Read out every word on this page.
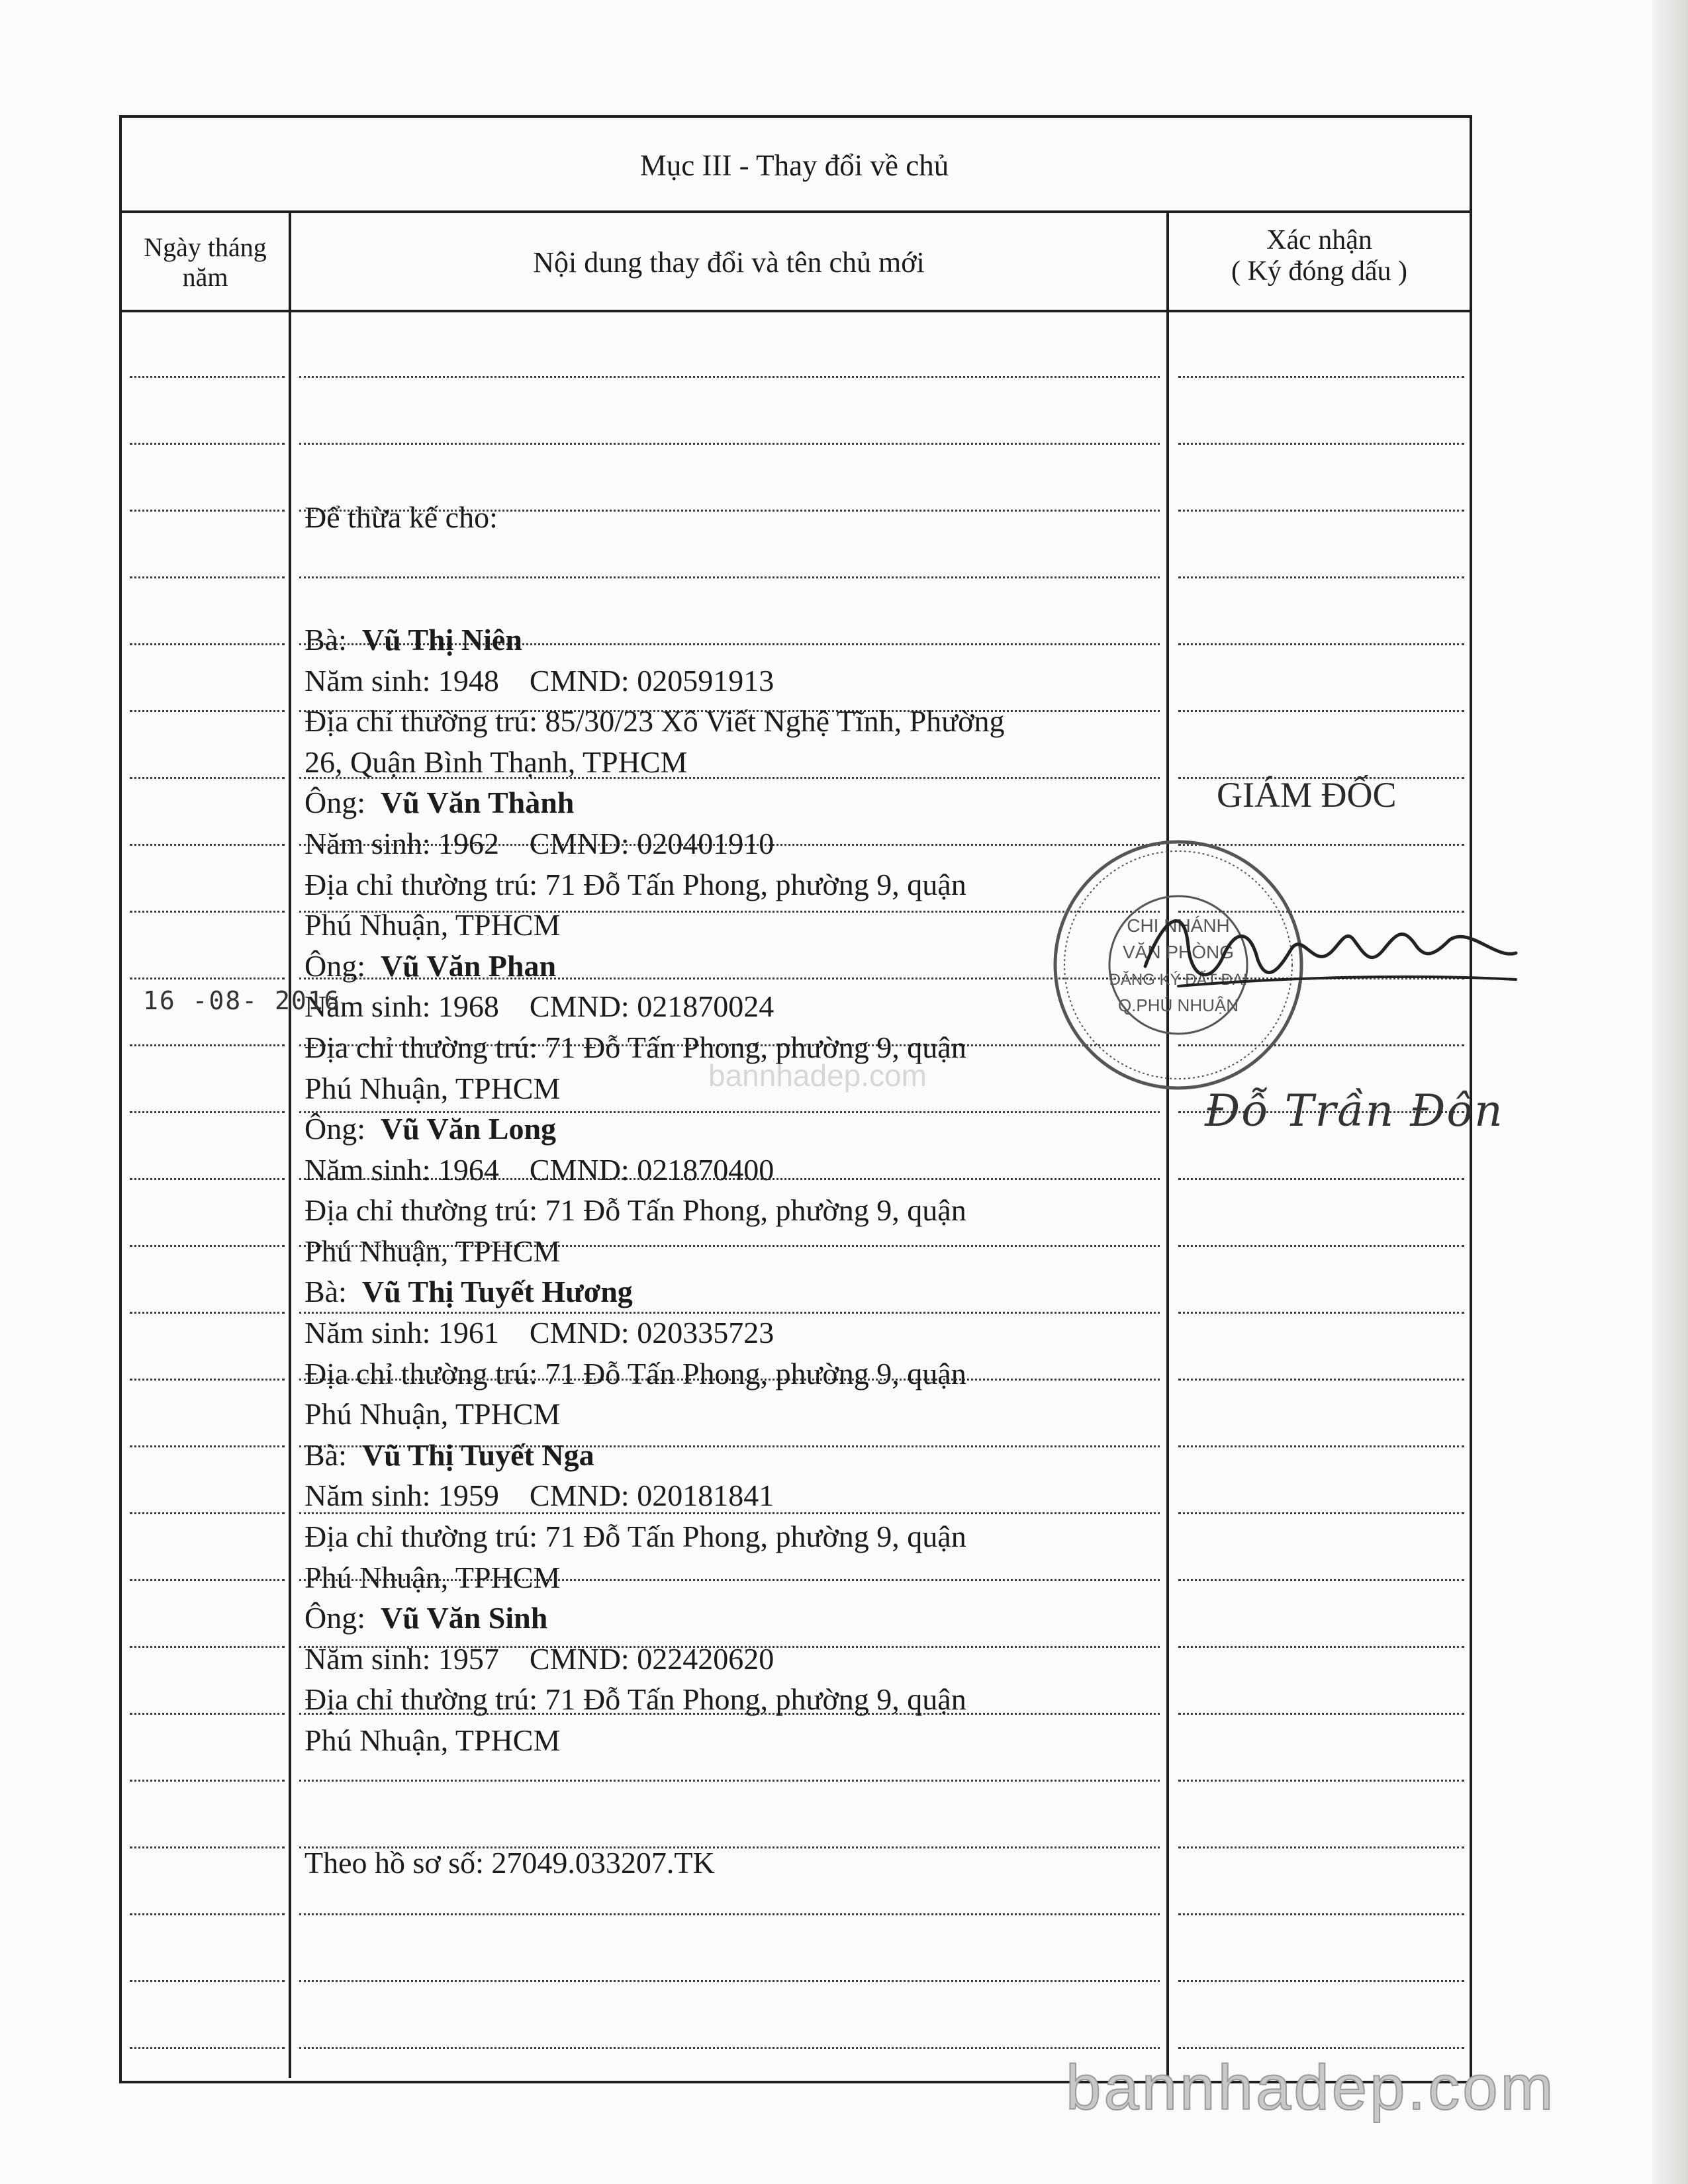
Mục III - Thay đổi về chủ
Ngày tháng
năm	Nội dung thay đổi và tên chủ mới
Xác nhận
( Ký đóng dấu )

Để thừa kế cho:

Bà: Vũ Thị Niên
Năm sinh: 1948 CMND: 020591913
Địa chỉ thường trú: 85/30/23 Xô Viết Nghệ Tĩnh, Phường
26, Quận Bình Thạnh, TPHCM
Ông: Vũ Văn Thành
Năm sinh: 1962 CMND: 020401910
Địa chỉ thường trú: 71 Đỗ Tấn Phong, phường 9, quận
Phú Nhuận, TPHCM
Ông: Vũ Văn Phan
Năm sinh: 1968 CMND: 021870024
Địa chỉ thường trú: 71 Đỗ Tấn Phong, phường 9, quận
Phú Nhuận, TPHCM
Ông: Vũ Văn Long
Năm sinh: 1964 CMND: 021870400
Địa chỉ thường trú: 71 Đỗ Tấn Phong, phường 9, quận
Phú Nhuận, TPHCM
Bà: Vũ Thị Tuyết Hương
Năm sinh: 1961 CMND: 020335723
Địa chỉ thường trú: 71 Đỗ Tấn Phong, phường 9, quận
Phú Nhuận, TPHCM
Bà: Vũ Thị Tuyết Nga
Năm sinh: 1959 CMND: 020181841
Địa chỉ thường trú: 71 Đỗ Tấn Phong, phường 9, quận
Phú Nhuận, TPHCM
Ông: Vũ Văn Sinh
Năm sinh: 1957 CMND: 022420620
Địa chỉ thường trú: 71 Đỗ Tấn Phong, phường 9, quận
Phú Nhuận, TPHCM

Theo hồ sơ số: 27049.033207.TK

16 -08- 2016
GIÁM ĐỐC
CHI NHÁNH
VĂN PHÒNG
ĐĂNG KÝ ĐẤT ĐAI
Q.PHÚ NHUẬN
Đỗ Trần Đôn
bannhadep.com
bannhadep.com
